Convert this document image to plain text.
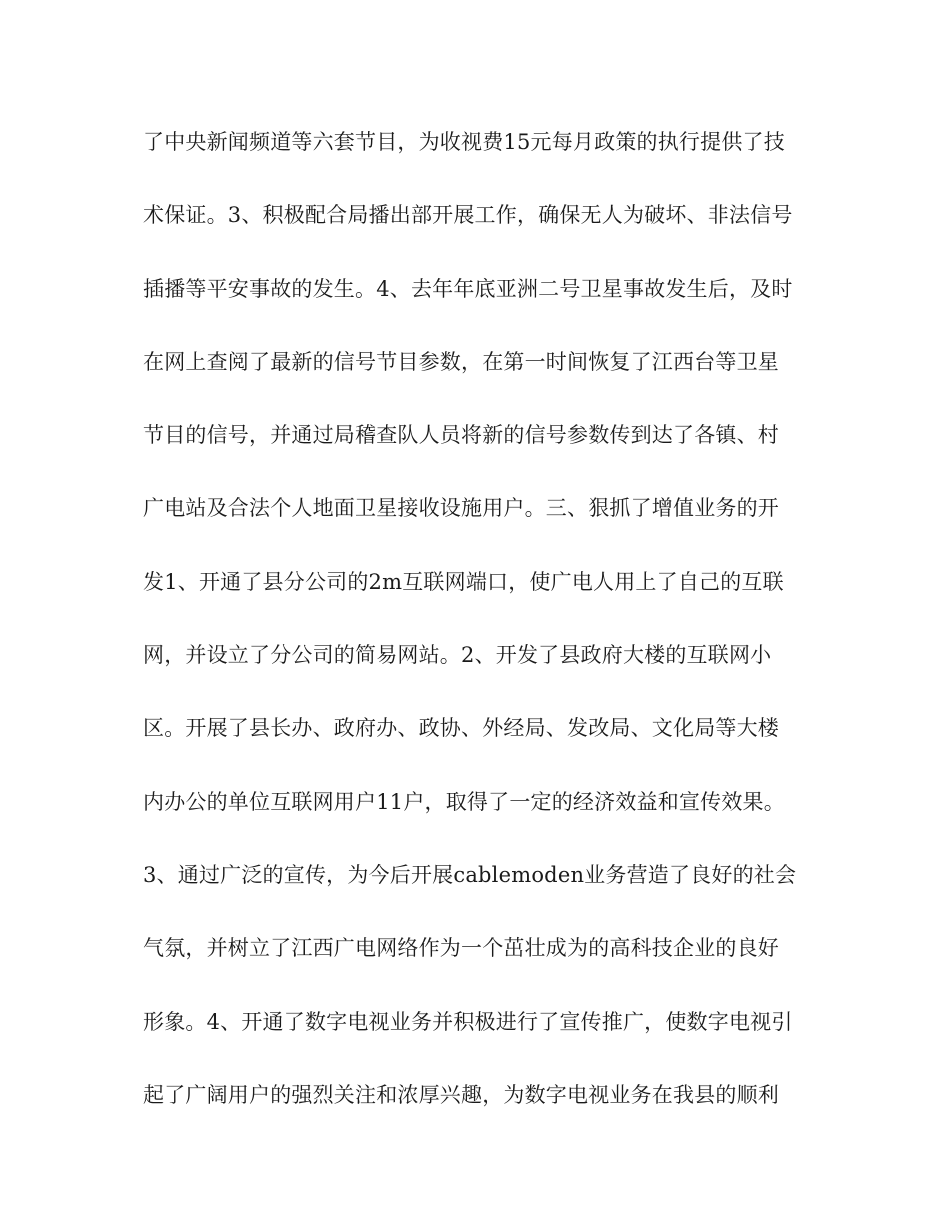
了中央新闻频道等六套节目，为收视费15元每月政策的执行提供了技
术保证。3、积极配合局播出部开展工作，确保无人为破坏、非法信号
插播等平安事故的发生。4、去年年底亚洲二号卫星事故发生后，及时
在网上查阅了最新的信号节目参数，在第一时间恢复了江西台等卫星
节目的信号，并通过局稽查队人员将新的信号参数传到达了各镇、村
广电站及合法个人地面卫星接收设施用户。三、狠抓了增值业务的开
发1、开通了县分公司的2m互联网端口，使广电人用上了自己的互联
网，并设立了分公司的简易网站。2、开发了县政府大楼的互联网小
区。开展了县长办、政府办、政协、外经局、发改局、文化局等大楼
内办公的单位互联网用户11户，取得了一定的经济效益和宣传效果。
3、通过广泛的宣传，为今后开展cablemoden业务营造了良好的社会
气氛，并树立了江西广电网络作为一个茁壮成为的高科技企业的良好
形象。4、开通了数字电视业务并积极进行了宣传推广，使数字电视引
起了广阔用户的强烈关注和浓厚兴趣，为数字电视业务在我县的顺利
